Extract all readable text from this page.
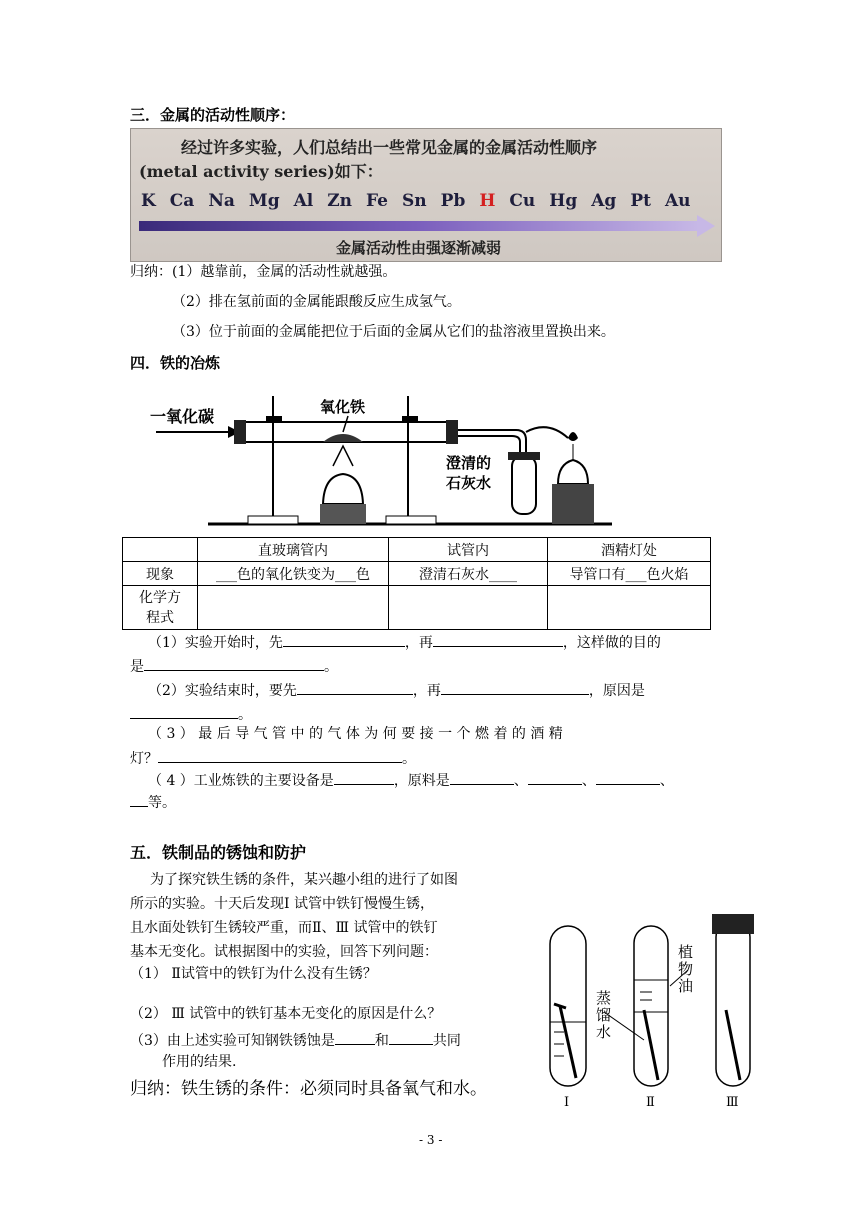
三．金属的活动性顺序：
经过许多实验，人们总结出一些常见金属的金属活动性顺序
(metal activity series)如下：
K Ca Na Mg Al Zn Fe Sn Pb H Cu Hg Ag Pt Au
金属活动性由强逐渐减弱
归纳：(1）越靠前，金属的活动性就越强。
（2）排在氢前面的金属能跟酸反应生成氢气。
（3）位于前面的金属能把位于后面的金属从它们的盐溶液里置换出来。
四．铁的冶炼
一氧化碳	氧化铁
澄清的
石灰水
	直玻璃管内	试管内	酒精灯处
现象	___色的氧化铁变为___色	澄清石灰水____	导管口有___色火焰
化学方
程式			
（1）实验开始时，先	，再	，这样做的目的
是	。
（2）实验结束时，要先	，再	，原因是
。
（ 3 ） 最 后 导 气 管 中 的 气 体 为 何 要 接 一 个 燃 着 的 酒 精
灯？	。
（ 4 ）工业炼铁的主要设备是	，原料是	、	、	、
等。
五．铁制品的锈蚀和防护
为了探究铁生锈的条件，某兴趣小组的进行了如图
所示的实验。十天后发现Ⅰ 试管中铁钉慢慢生锈，
且水面处铁钉生锈较严重，而Ⅱ、Ⅲ 试管中的铁钉
基本无变化。试根据图中的实验，回答下列问题：
（1） Ⅱ试管中的铁钉为什么没有生锈？
（2） Ⅲ 试管中的铁钉基本无变化的原因是什么？
（3）由上述实验可知钢铁锈蚀是	和	共同
作用的结果.
归纳：铁生锈的条件：必须同时具备氧气和水。
Ⅰ	Ⅱ	Ⅲ
植物油
蒸馏水
- 3 -
